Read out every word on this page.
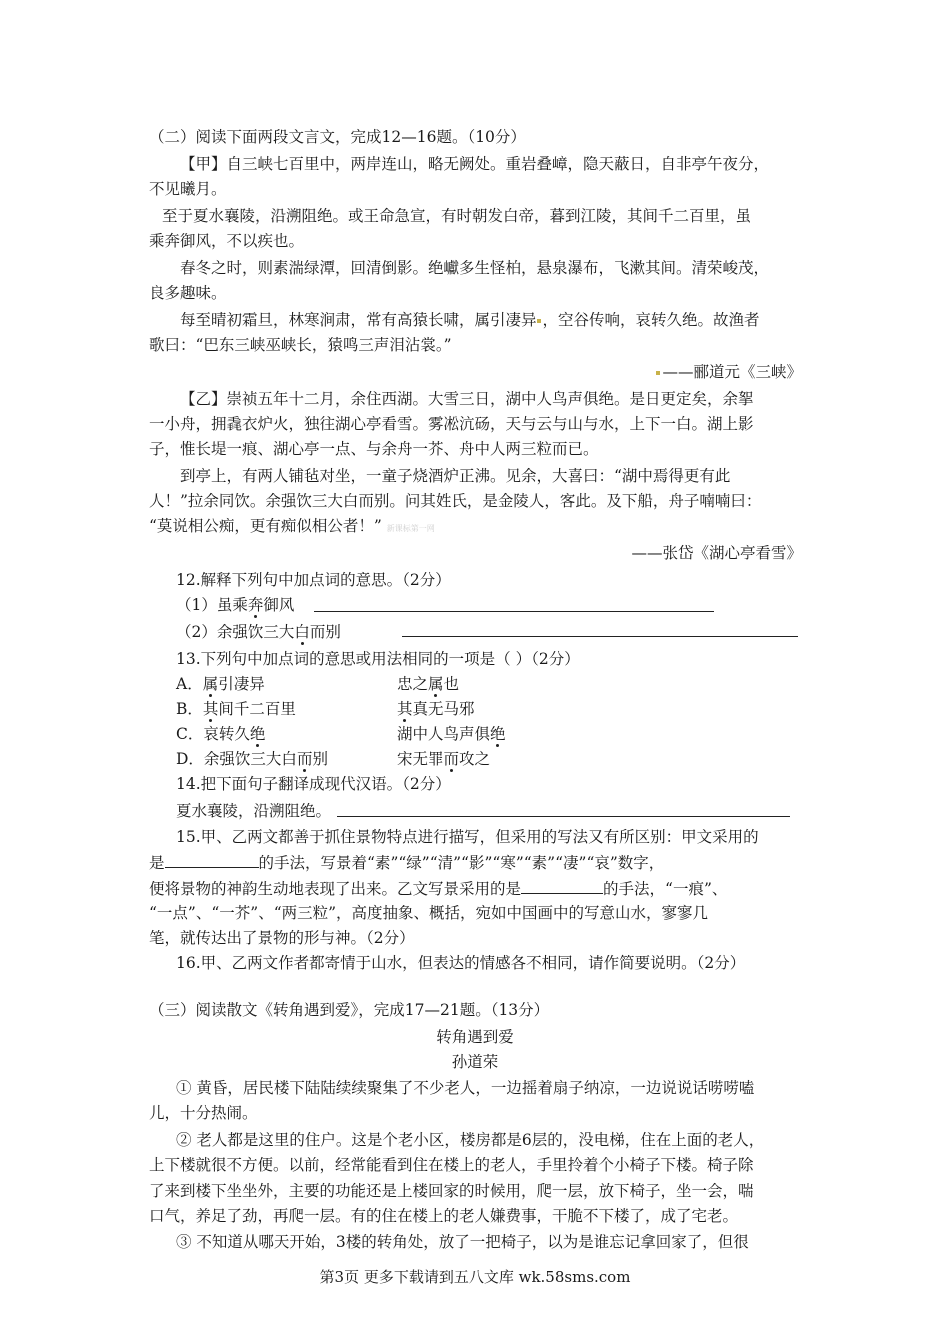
（二）阅读下面两段文言文，完成12—16题。（10分）
【甲】自三峡七百里中，两岸连山，略无阙处。重岩叠嶂，隐天蔽日，自非亭午夜分，
不见曦月。
至于夏水襄陵，沿溯阻绝。或王命急宣，有时朝发白帝，暮到江陵，其间千二百里，虽
乘奔御风，不以疾也。
春冬之时，则素湍绿潭，回清倒影。绝巘多生怪柏，悬泉瀑布，飞漱其间。清荣峻茂，
良多趣味。
每至晴初霜旦，林寒涧肃，常有高猿长啸，属引凄异 ，空谷传响，哀转久绝。故渔者
歌曰：“巴东三峡巫峡长，猿鸣三声泪沾裳。”
——郦道元《三峡》
【乙】崇祯五年十二月，余住西湖。大雪三日，湖中人鸟声俱绝。是日更定矣，余挐
一小舟，拥毳衣炉火，独往湖心亭看雪。雾凇沆砀，天与云与山与水，上下一白。湖上影
子，惟长堤一痕、湖心亭一点、与余舟一芥、舟中人两三粒而已。
到亭上，有两人铺毡对坐，一童子烧酒炉正沸。见余，大喜曰：“湖中焉得更有此
人！”拉余同饮。余强饮三大白而别。问其姓氏，是金陵人，客此。及下船，舟子喃喃曰：
“莫说相公痴，更有痴似相公者！” 新课标第一网
——张岱《湖心亭看雪》
12.解释下列句中加点词的意思。（2分）
（1）虽乘奔御风
（2）余强饮三大白而别
13.下列句中加点词的意思或用法相同的一项是（ ）（2分）
A．属引凄异	忠之属也
B．其间千二百里	其真无马邪
C．哀转久绝	湖中人鸟声俱绝
D．余强饮三大白而别	宋无罪而攻之
14.把下面句子翻译成现代汉语。（2分）
夏水襄陵，沿溯阻绝。
15.甲、乙两文都善于抓住景物特点进行描写，但采用的写法又有所区别：甲文采用的
是	的手法，写景着“素”“绿”“清”“影”“寒”“素”“凄”“哀”数字，
便将景物的神韵生动地表现了出来。乙文写景采用的是	的手法，“一痕”、
“一点”、“一芥”、“两三粒”，高度抽象、概括，宛如中国画中的写意山水，寥寥几
笔，就传达出了景物的形与神。（2分）
16.甲、乙两文作者都寄情于山水，但表达的情感各不相同，请作简要说明。（2分）
（三）阅读散文《转角遇到爱》，完成17—21题。（13分）
转角遇到爱
孙道荣
① 黄昏，居民楼下陆陆续续聚集了不少老人，一边摇着扇子纳凉，一边说说话唠唠嗑
儿，十分热闹。
② 老人都是这里的住户。这是个老小区，楼房都是6层的，没电梯，住在上面的老人，
上下楼就很不方便。以前，经常能看到住在楼上的老人，手里拎着个小椅子下楼。椅子除
了来到楼下坐坐外，主要的功能还是上楼回家的时候用，爬一层，放下椅子，坐一会，喘
口气，养足了劲，再爬一层。有的住在楼上的老人嫌费事，干脆不下楼了，成了宅老。
③ 不知道从哪天开始，3楼的转角处，放了一把椅子，以为是谁忘记拿回家了，但很
第3页 更多下载请到五八文库 wk.58sms.com
